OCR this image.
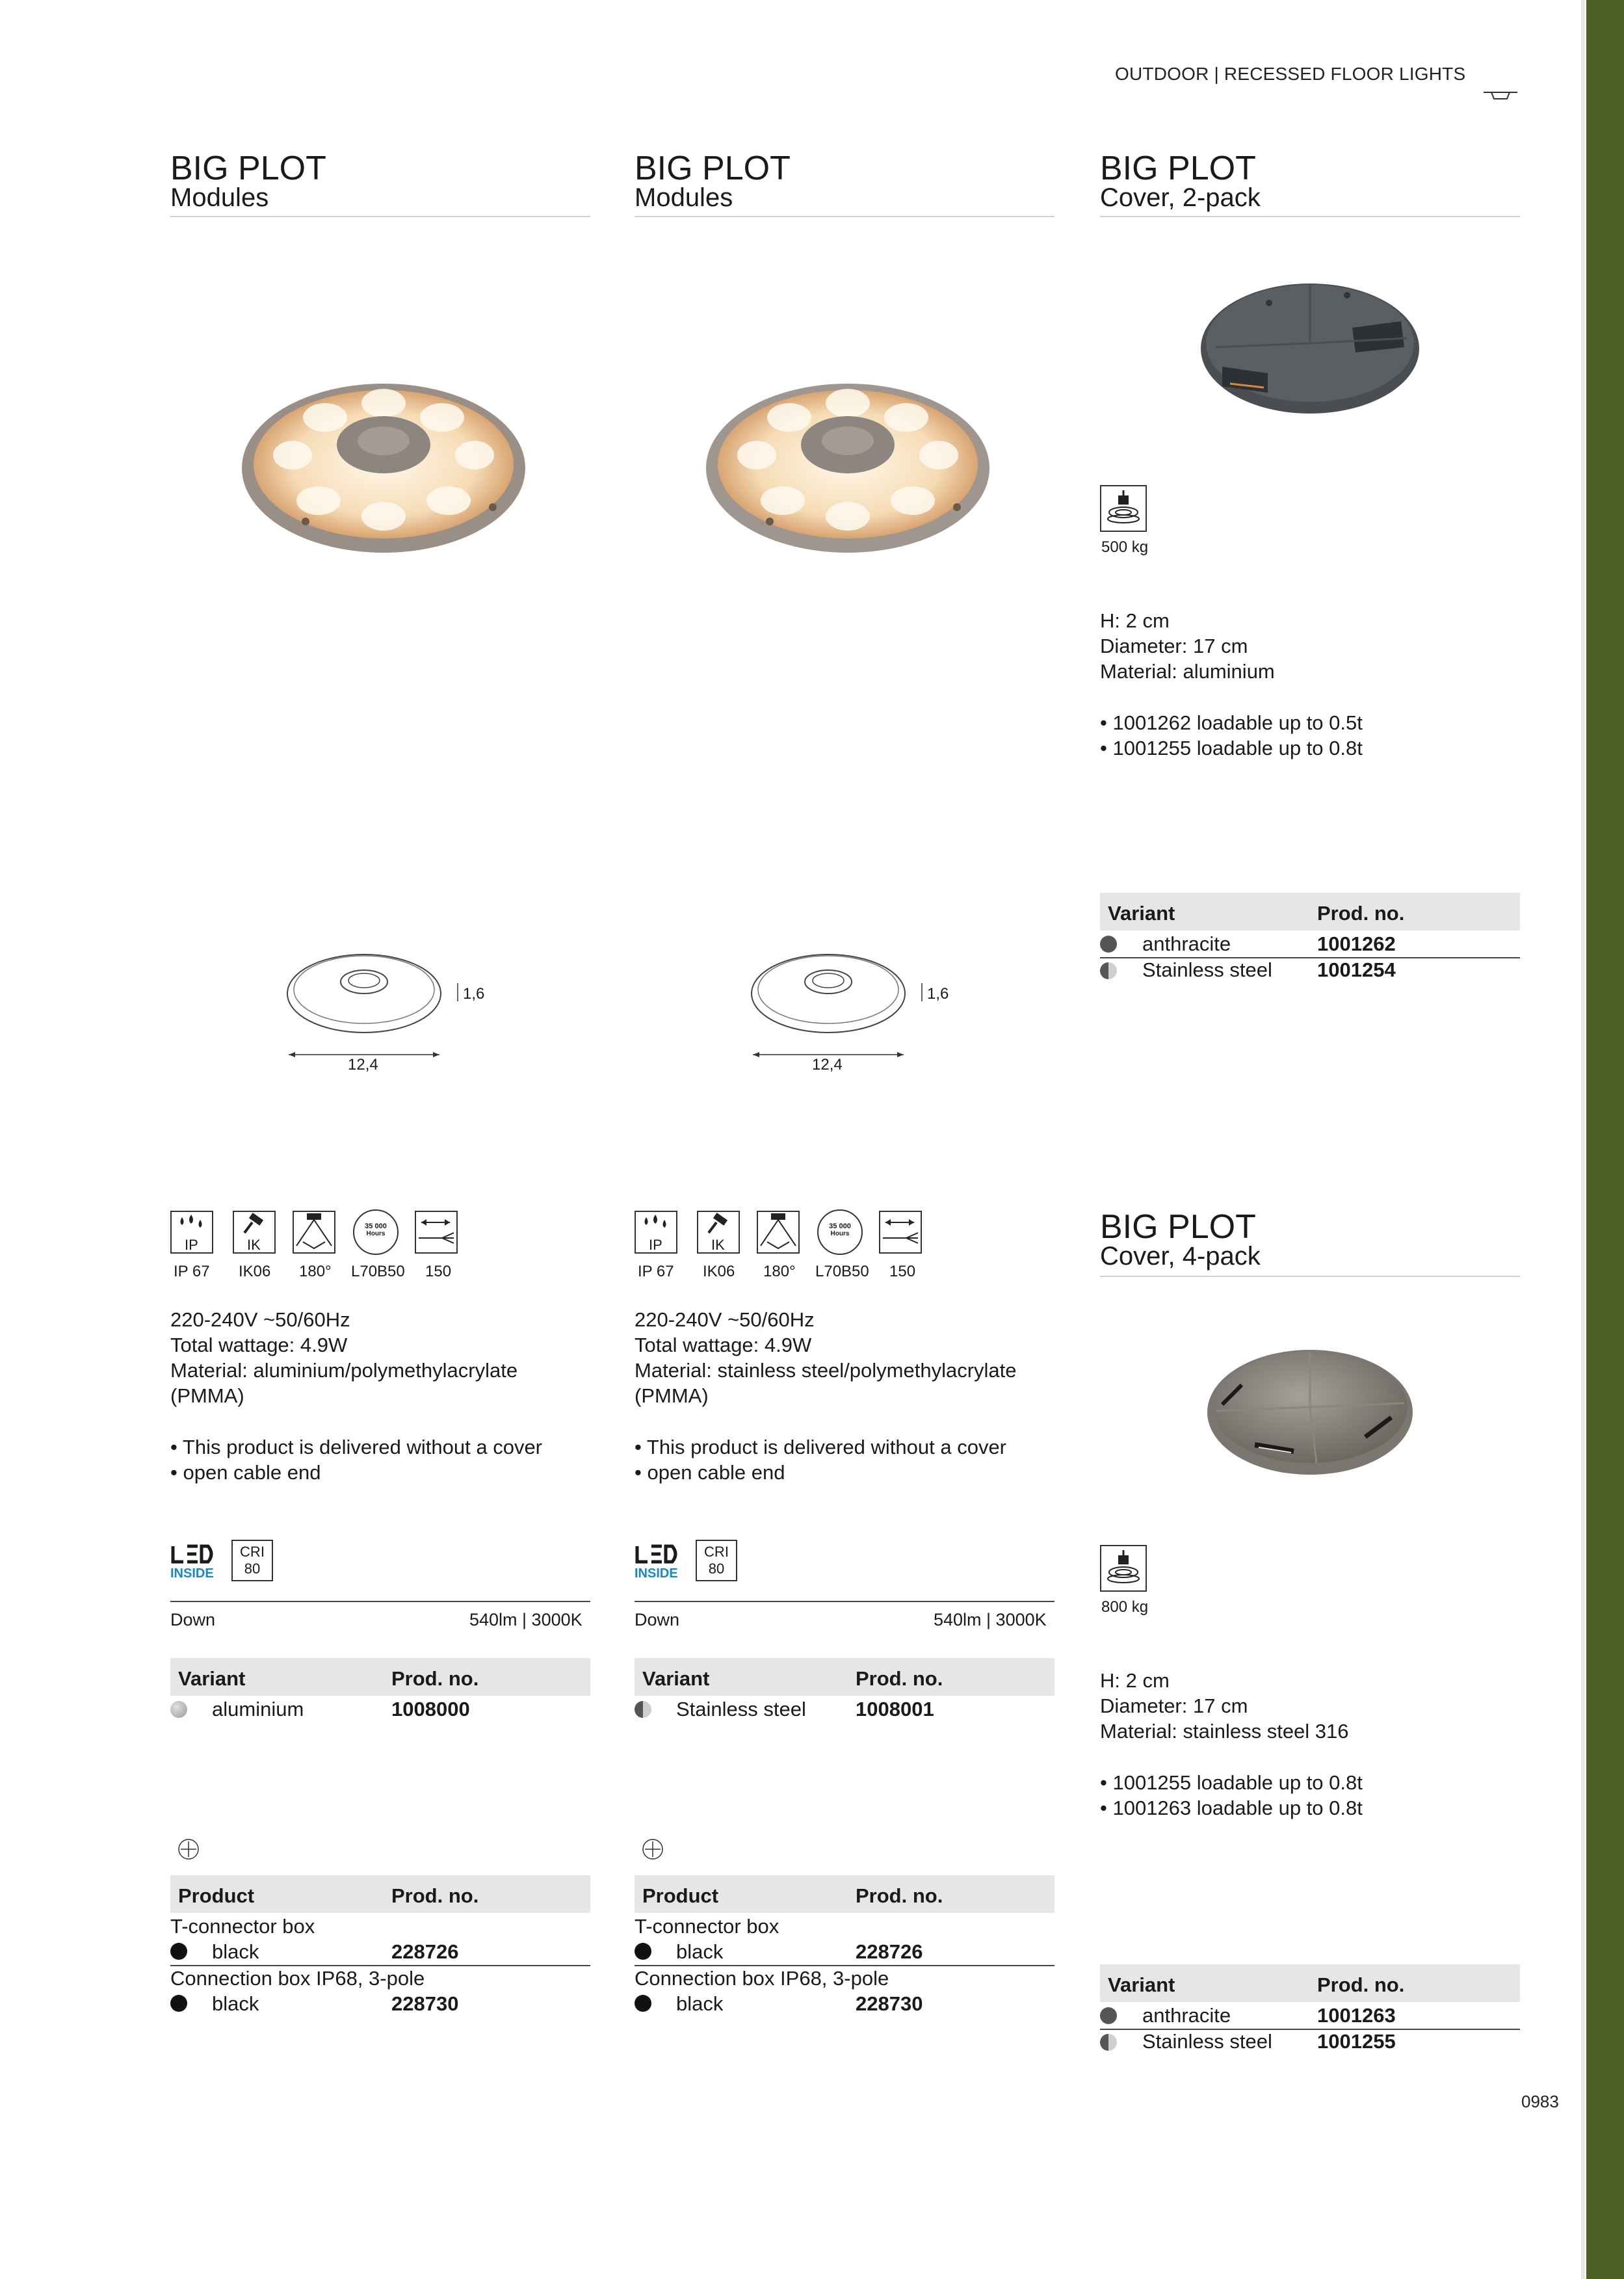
OUTDOOR | RECESSED FLOOR LIGHTS
BIG PLOT
Modules
1,6
12,4
IP	IK
35 000
Hours
IP 67 IK06 180° L70B50 150
220-240V ~50/60Hz
Total wattage: 4.9W
Material: aluminium/polymethylacrylate
(PMMA)
• This product is delivered without a cover
• open cable end
INSIDE
CRI
80
Down	540lm | 3000K
Variant	Prod. no.
aluminium	1008000
Product	Prod. no.
T-connector box
black	228726
Connection box IP68, 3-pole
black	228730
BIG PLOT
Modules
1,6
12,4
IP	IK
35 000
Hours
IP 67 IK06 180° L70B50 150
220-240V ~50/60Hz
Total wattage: 4.9W
Material: stainless steel/polymethylacrylate
(PMMA)
• This product is delivered without a cover
• open cable end
INSIDE
CRI
80
Down	540lm | 3000K
Variant	Prod. no.
Stainless steel 1008001
Product	Prod. no.
T-connector box
black	228726
Connection box IP68, 3-pole
black	228730
BIG PLOT
Cover, 2-pack
500 kg
H: 2 cm
Diameter: 17 cm
Material: aluminium
• 1001262 loadable up to 0.5t
• 1001255 loadable up to 0.8t
Variant	Prod. no.
anthracite	1001262
Stainless steel 1001254
BIG PLOT
Cover, 4-pack
800 kg
H: 2 cm
Diameter: 17 cm
Material: stainless steel 316
• 1001255 loadable up to 0.8t
• 1001263 loadable up to 0.8t
Variant	Prod. no.
anthracite	1001263
Stainless steel 1001255
0983
